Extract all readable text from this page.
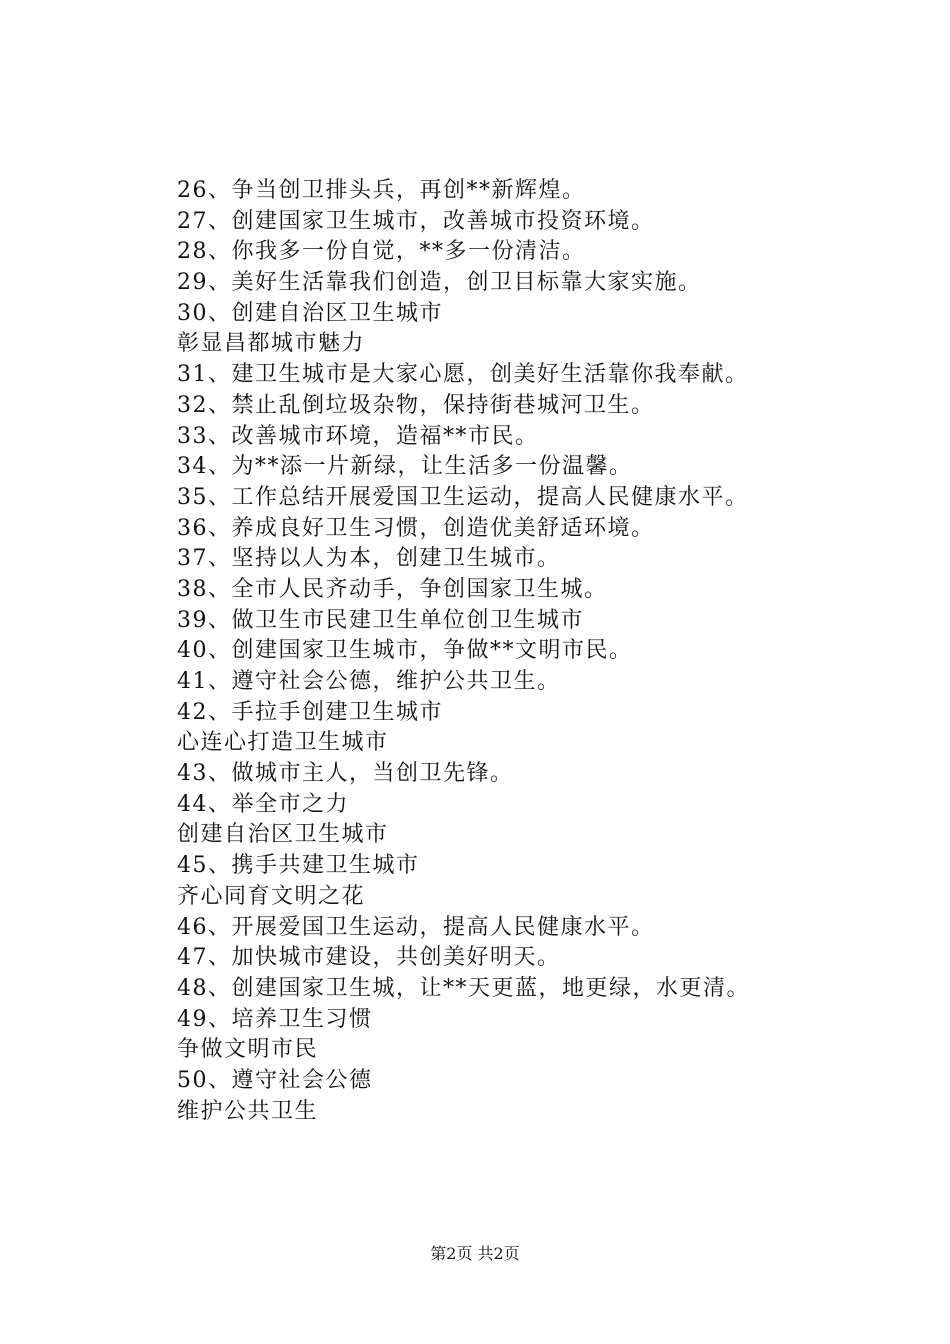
26、争当创卫排头兵，再创**新辉煌。
27、创建国家卫生城市，改善城市投资环境。
28、你我多一份自觉，**多一份清洁。
29、美好生活靠我们创造，创卫目标靠大家实施。
30、创建自治区卫生城市
彰显昌都城市魅力
31、建卫生城市是大家心愿，创美好生活靠你我奉献。
32、禁止乱倒垃圾杂物，保持街巷城河卫生。
33、改善城市环境，造福**市民。
34、为**添一片新绿，让生活多一份温馨。
35、工作总结开展爱国卫生运动，提高人民健康水平。
36、养成良好卫生习惯，创造优美舒适环境。
37、坚持以人为本，创建卫生城市。
38、全市人民齐动手，争创国家卫生城。
39、做卫生市民建卫生单位创卫生城市
40、创建国家卫生城市，争做**文明市民。
41、遵守社会公德，维护公共卫生。
42、手拉手创建卫生城市
心连心打造卫生城市
43、做城市主人，当创卫先锋。
44、举全市之力
创建自治区卫生城市
45、携手共建卫生城市
齐心同育文明之花
46、开展爱国卫生运动，提高人民健康水平。
47、加快城市建设，共创美好明天。
48、创建国家卫生城，让**天更蓝，地更绿，水更清。
49、培养卫生习惯
争做文明市民
50、遵守社会公德
维护公共卫生
第2页 共2页
